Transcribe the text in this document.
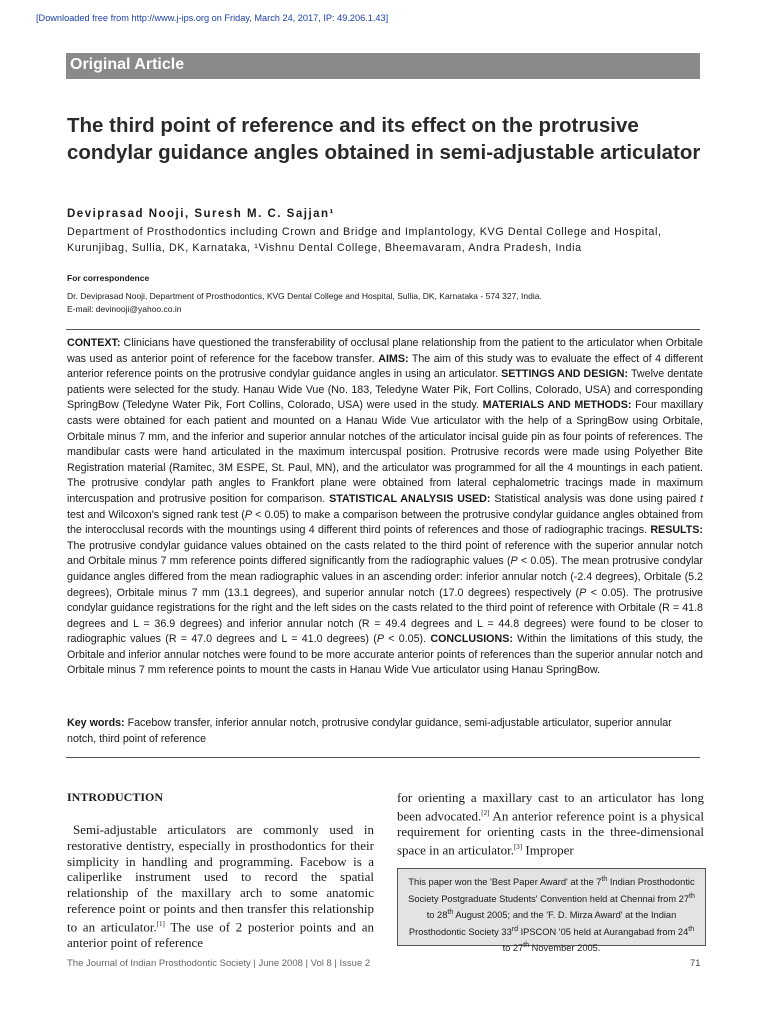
[Downloaded free from http://www.j-ips.org on Friday, March 24, 2017, IP: 49.206.1.43]
Original Article
The third point of reference and its effect on the protrusive condylar guidance angles obtained in semi-adjustable articulator
Deviprasad Nooji, Suresh M. C. Sajjan¹
Department of Prosthodontics including Crown and Bridge and Implantology, KVG Dental College and Hospital, Kurunjibag, Sullia, DK, Karnataka, ¹Vishnu Dental College, Bheemavaram, Andra Pradesh, India
For correspondence
Dr. Deviprasad Nooji, Department of Prosthodontics, KVG Dental College and Hospital, Sullia, DK, Karnataka - 574 327, India.
E-mail: devinooji@yahoo.co.in
CONTEXT: Clinicians have questioned the transferability of occlusal plane relationship from the patient to the articulator when Orbitale was used as anterior point of reference for the facebow transfer. AIMS: The aim of this study was to evaluate the effect of 4 different anterior reference points on the protrusive condylar guidance angles in using an articulator. SETTINGS AND DESIGN: Twelve dentate patients were selected for the study. Hanau Wide Vue (No. 183, Teledyne Water Pik, Fort Collins, Colorado, USA) and corresponding SpringBow (Teledyne Water Pik, Fort Collins, Colorado, USA) were used in the study. MATERIALS AND METHODS: Four maxillary casts were obtained for each patient and mounted on a Hanau Wide Vue articulator with the help of a SpringBow using Orbitale, Orbitale minus 7 mm, and the inferior and superior annular notches of the articulator incisal guide pin as four points of references. The mandibular casts were hand articulated in the maximum intercuspal position. Protrusive records were made using Polyether Bite Registration material (Ramitec, 3M ESPE, St. Paul, MN), and the articulator was programmed for all the 4 mountings in each patient. The protrusive condylar path angles to Frankfort plane were obtained from lateral cephalometric tracings made in maximum intercuspation and protrusive position for comparison. STATISTICAL ANALYSIS USED: Statistical analysis was done using paired t test and Wilcoxon's signed rank test (P < 0.05) to make a comparison between the protrusive condylar guidance angles obtained from the interocclusal records with the mountings using 4 different third points of references and those of radiographic tracings. RESULTS: The protrusive condylar guidance values obtained on the casts related to the third point of reference with the superior annular notch and Orbitale minus 7 mm reference points differed significantly from the radiographic values (P < 0.05). The mean protrusive condylar guidance angles differed from the mean radiographic values in an ascending order: inferior annular notch (-2.4 degrees), Orbitale (5.2 degrees), Orbitale minus 7 mm (13.1 degrees), and superior annular notch (17.0 degrees) respectively (P < 0.05). The protrusive condylar guidance registrations for the right and the left sides on the casts related to the third point of reference with Orbitale (R = 41.8 degrees and L = 36.9 degrees) and inferior annular notch (R = 49.4 degrees and L = 44.8 degrees) were found to be closer to radiographic values (R = 47.0 degrees and L = 41.0 degrees) (P < 0.05). CONCLUSIONS: Within the limitations of this study, the Orbitale and inferior annular notches were found to be more accurate anterior points of references than the superior annular notch and Orbitale minus 7 mm reference points to mount the casts in Hanau Wide Vue articulator using Hanau SpringBow.
Key words: Facebow transfer, inferior annular notch, protrusive condylar guidance, semi-adjustable articulator, superior annular notch, third point of reference
INTRODUCTION
Semi-adjustable articulators are commonly used in restorative dentistry, especially in prosthodontics for their simplicity in handling and programming. Facebow is a caliperlike instrument used to record the spatial relationship of the maxillary arch to some anatomic reference point or points and then transfer this relationship to an articulator.[1] The use of 2 posterior points and an anterior point of reference
for orienting a maxillary cast to an articulator has long been advocated.[2] An anterior reference point is a physical requirement for orienting casts in the three-dimensional space in an articulator.[3] Improper
This paper won the 'Best Paper Award' at the 7th Indian Prosthodontic Society Postgraduate Students' Convention held at Chennai from 27th to 28th August 2005; and the 'F. D. Mirza Award' at the Indian Prosthodontic Society 33rd IPSCON '05 held at Aurangabad from 24th to 27th November 2005.
The Journal of Indian Prosthodontic Society | June 2008 | Vol 8 | Issue 2	71
